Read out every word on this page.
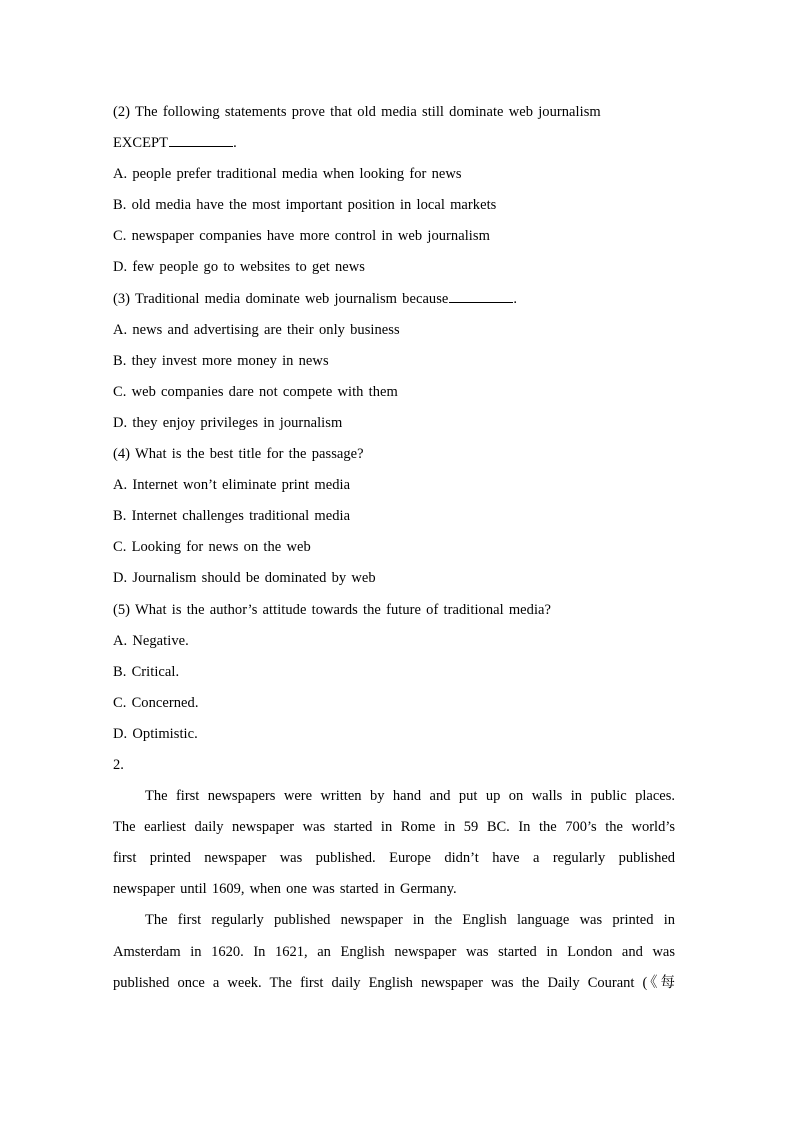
(2) The following statements prove that old media still dominate web journalism
EXCEPT	.
A. people prefer traditional media when looking for news
B. old media have the most important position in local markets
C. newspaper companies have more control in web journalism
D. few people go to websites to get news
(3) Traditional media dominate web journalism because	.
A. news and advertising are their only business
B. they invest more money in news
C. web companies dare not compete with them
D. they enjoy privileges in journalism
(4) What is the best title for the passage?
A. Internet won’t eliminate print media
B. Internet challenges traditional media
C. Looking for news on the web
D. Journalism should be dominated by web
(5) What is the author’s attitude towards the future of traditional media?
A. Negative.
B. Critical.
C. Concerned.
D. Optimistic.
2.
The first newspapers were written by hand and put up on walls in public places.
The earliest daily newspaper was started in Rome in 59 BC. In the 700’s the world’s
first printed newspaper was published. Europe didn’t have a regularly published
newspaper until 1609, when one was started in Germany.
The first regularly published newspaper in the English language was printed in
Amsterdam in 1620. In 1621, an English newspaper was started in London and was
published once a week. The first daily English newspaper was the Daily Courant (《每
